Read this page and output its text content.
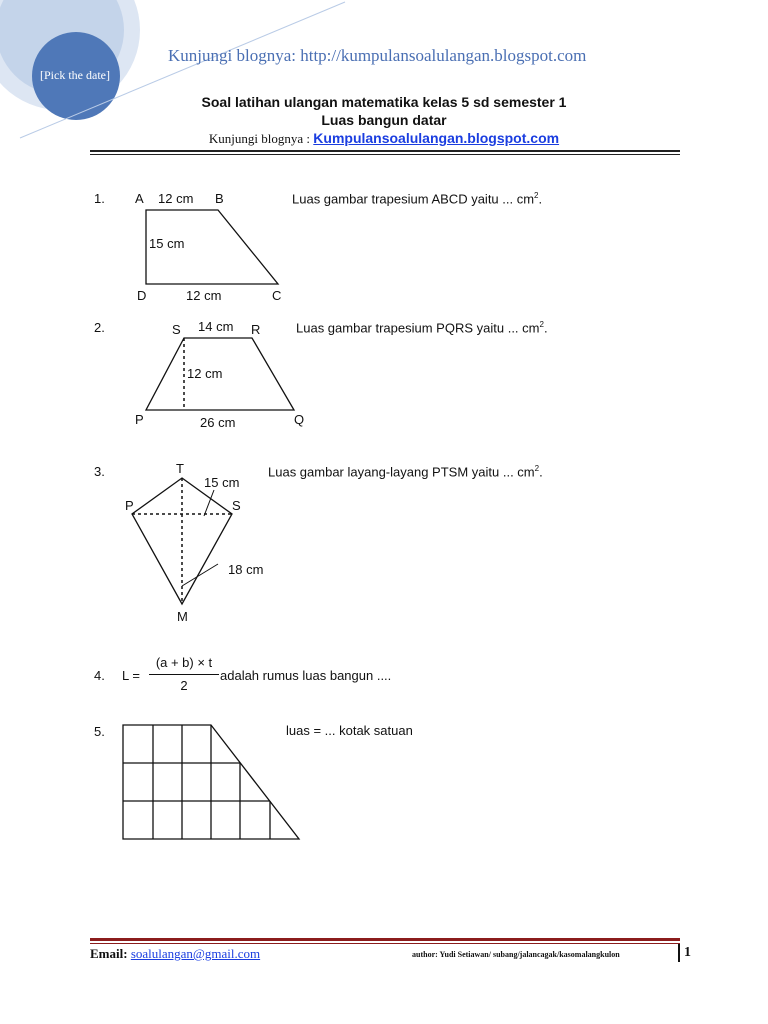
[Pick the date]
Kunjungi blognya: http://kumpulansoalulangan.blogspot.com
Soal latihan ulangan matematika kelas 5 sd semester 1
Luas bangun datar
Kunjungi blognya : Kumpulansoalulangan.blogspot.com
1. A 12 cm B
15 cm
D	12 cm	C
Luas gambar trapesium ABCD yaitu ... $cm^2$.
2.	S 14 cm R
12 cm
P	26 cm	Q
Luas gambar trapesium PQRS yaitu ... $cm^2$.
3.	T
15 cm
P	S
18 cm
M
Luas gambar layang-layang PTSM yaitu ... $cm^2$.
4. L =
(a + b) × t
2
adalah rumus luas bangun ....
5.	luas = ... kotak satuan
Email: soalulangan@gmail.com	author: Yudi Setiawan/ subang/jalancagak/kasomalangkulon	1
